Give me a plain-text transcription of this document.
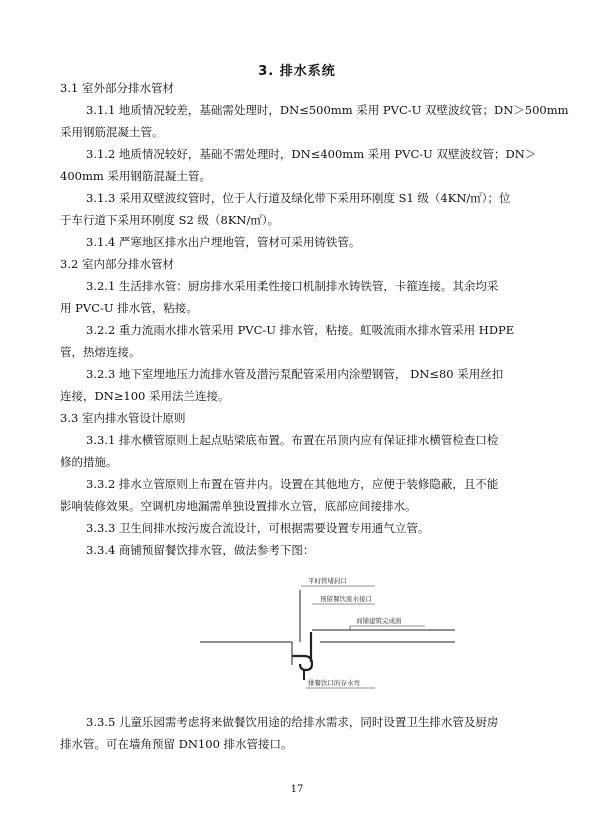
3. 排水系统
3.1 室外部分排水管材
3.1.1 地质情况较差，基础需处理时，DN≤500mm 采用 PVC-U 双壁波纹管；DN＞500mm
采用钢筋混凝土管。
3.1.2 地质情况较好，基础不需处理时，DN≤400mm 采用 PVC-U 双壁波纹管；DN＞
400mm 采用钢筋混凝土管。
3.1.3 采用双壁波纹管时，位于人行道及绿化带下采用环刚度 S1 级（4KN/㎡）；位
于车行道下采用环刚度 S2 级（8KN/㎡）。
3.1.4 严寒地区排水出户埋地管，管材可采用铸铁管。
3.2 室内部分排水管材
3.2.1 生活排水管：厨房排水采用柔性接口机制排水铸铁管，卡箍连接。其余均采
用 PVC-U 排水管，粘接。
3.2.2 重力流雨水排水管采用 PVC-U 排水管，粘接。虹吸流雨水排水管采用 HDPE
管，热熔连接。
3.2.3 地下室埋地压力流排水管及潜污泵配管采用内涂塑钢管， DN≤80 采用丝扣
连接，DN≥100 采用法兰连接。
3.3 室内排水管设计原则
3.3.1 排水横管原则上起点贴梁底布置。布置在吊顶内应有保证排水横管检查口检
修的措施。
3.3.2 排水立管原则上布置在管井内。设置在其他地方，应便于装修隐蔽，且不能
影响装修效果。空调机房地漏需单独设置排水立管，底部应间接排水。
3.3.3 卫生间排水按污废合流设计，可根据需要设置专用通气立管。
3.3.4 商铺预留餐饮排水管，做法参考下图：
平时管堵封口
预留餐饮废水接口
商铺建筑完成面
排餐饮口的存水弯
3.3.5 儿童乐园需考虑将来做餐饮用途的给排水需求，同时设置卫生排水管及厨房
排水管。可在墙角预留 DN100 排水管接口。
17
